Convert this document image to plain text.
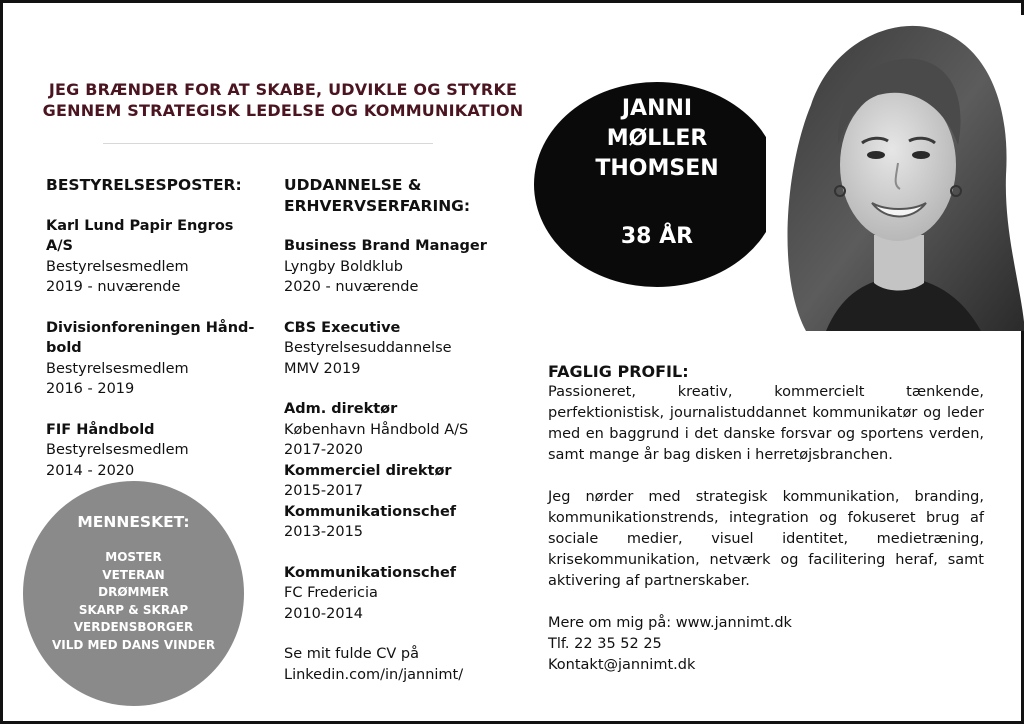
JEG BRÆNDER FOR AT SKABE, UDVIKLE OG STYRKE
GENNEM STRATEGISK LEDELSE OG KOMMUNIKATION
BESTYRELSESPOSTER:
Karl Lund Papir Engros A/S
Bestyrelsesmedlem
2019 - nuværende
Divisionforeningen Hånd-
bold
Bestyrelsesmedlem
2016 - 2019
FIF Håndbold
Bestyrelsesmedlem
2014 - 2020
UDDANNELSE &
ERHVERVSERFARING:
Business Brand Manager
Lyngby Boldklub
2020 - nuværende
CBS Executive
Bestyrelsesuddannelse
MMV 2019
Adm. direktør
København Håndbold A/S
2017-2020
Kommerciel direktør
2015-2017
Kommunikationschef
2013-2015
Kommunikationschef
FC Fredericia
2010-2014
Se mit fulde CV på
Linkedin.com/in/jannimt/
JANNI
MØLLER
THOMSEN
38 ÅR
MENNESKET:
MOSTER
VETERAN
DRØMMER
SKARP & SKRAP
VERDENSBORGER
VILD MED DANS VINDER
FAGLIG PROFIL:

Passioneret, kreativ, kommercielt tænkende, perfektionistisk, journalistuddannet kommunikatør og leder med en baggrund i det danske forsvar og sportens verden, samt mange år bag disken i herretøjsbranchen.

Jeg nørder med strategisk kommunikation, branding, kommunikationstrends, integration og fokuseret brug af sociale medier, visuel identitet, medietræning, krisekommunikation, netværk og facilitering heraf, samt aktivering af partnerskaber.

Mere om mig på: www.jannimt.dk
Tlf. 22 35 52 25
Kontakt@jannimt.dk
